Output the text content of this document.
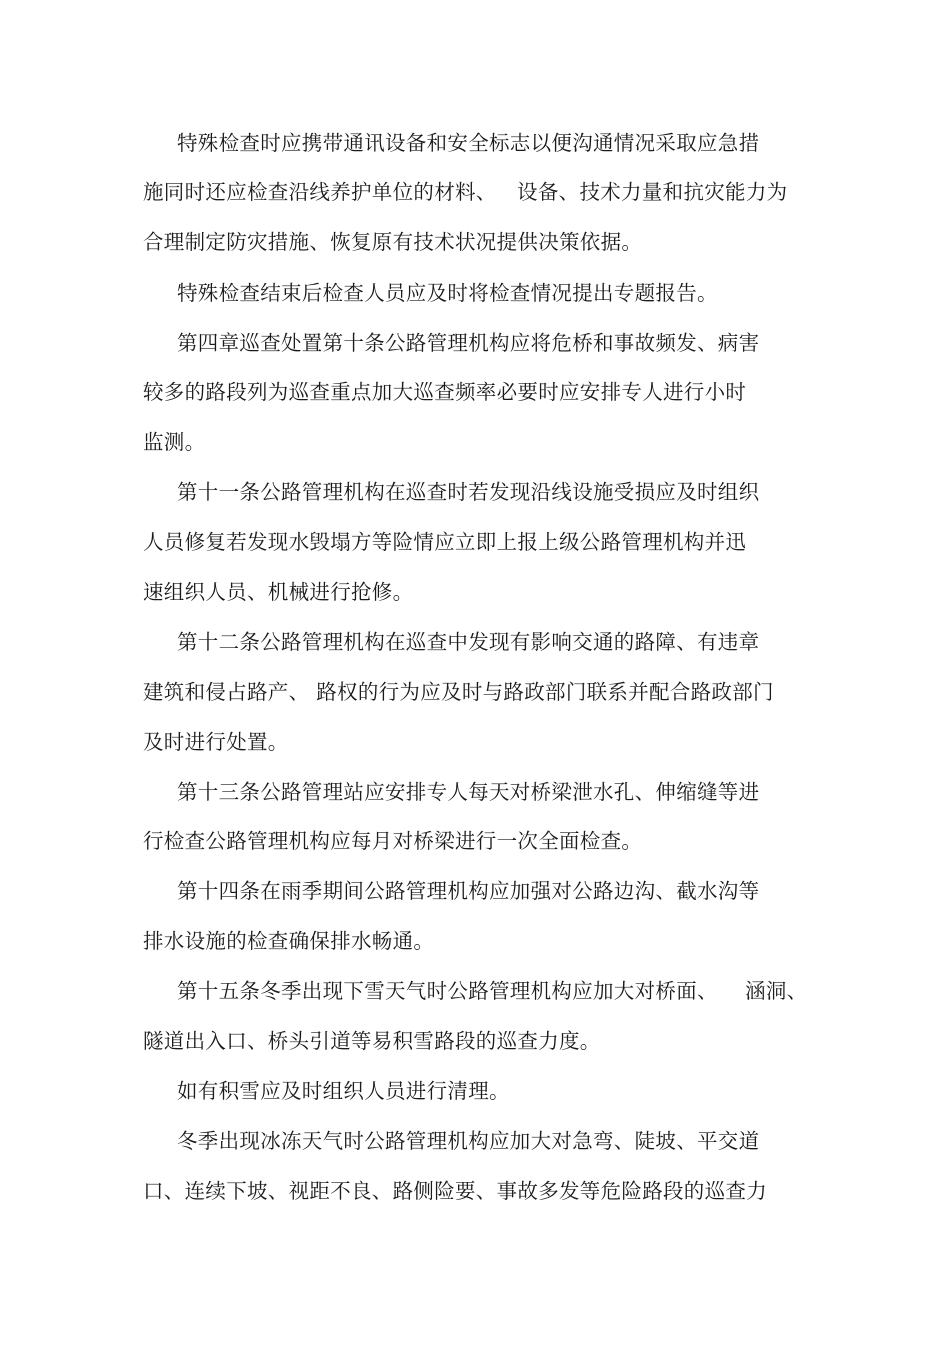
特殊检查时应携带通讯设备和安全标志以便沟通情况采取应急措
施同时还应检查沿线养护单位的材料、   设备、技术力量和抗灾能力为
合理制定防灾措施、恢复原有技术状况提供决策依据。
特殊检查结束后检查人员应及时将检查情况提出专题报告。
第四章巡查处置第十条公路管理机构应将危桥和事故频发、病害
较多的路段列为巡查重点加大巡查频率必要时应安排专人进行小时
监测。
第十一条公路管理机构在巡查时若发现沿线设施受损应及时组织
人员修复若发现水毁塌方等险情应立即上报上级公路管理机构并迅
速组织人员、机械进行抢修。
第十二条公路管理机构在巡查中发现有影响交通的路障、有违章
建筑和侵占路产、 路权的行为应及时与路政部门联系并配合路政部门
及时进行处置。
第十三条公路管理站应安排专人每天对桥梁泄水孔、伸缩缝等进
行检查公路管理机构应每月对桥梁进行一次全面检查。
第十四条在雨季期间公路管理机构应加强对公路边沟、截水沟等
排水设施的检查确保排水畅通。
第十五条冬季出现下雪天气时公路管理机构应加大对桥面、    涵洞、
隧道出入口、桥头引道等易积雪路段的巡查力度。
如有积雪应及时组织人员进行清理。
冬季出现冰冻天气时公路管理机构应加大对急弯、陡坡、平交道
口、连续下坡、视距不良、路侧险要、事故多发等危险路段的巡查力
